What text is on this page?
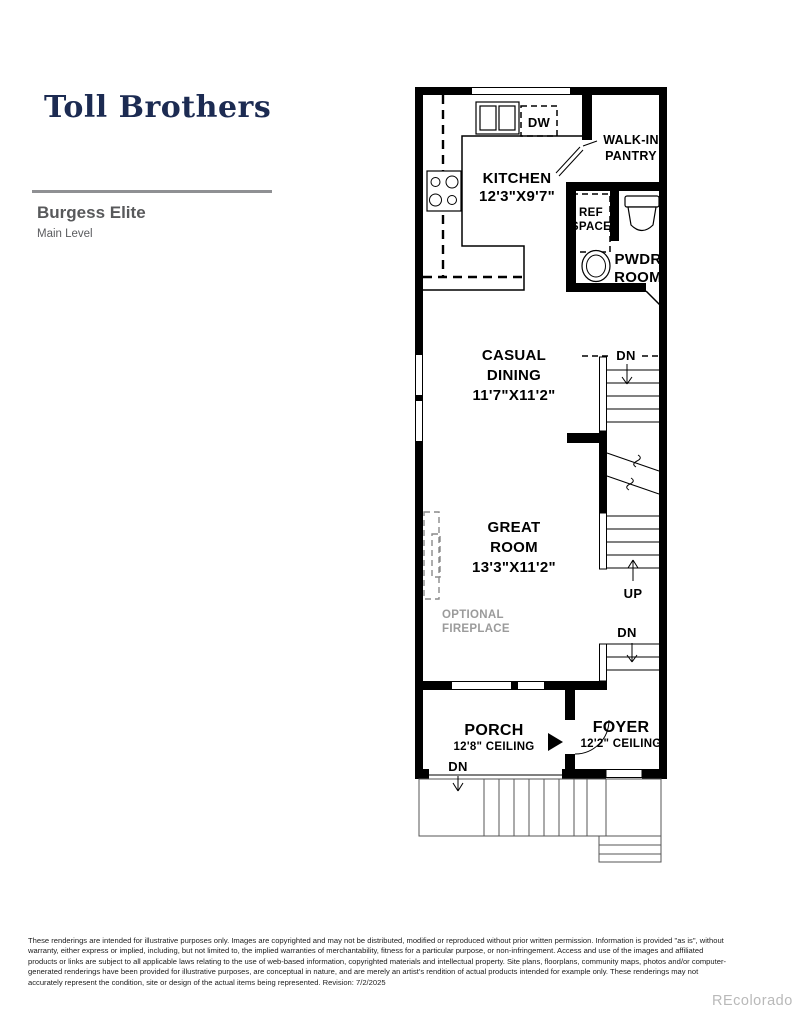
Toll Brothers
Burgess Elite
Main Level
KITCHEN
12'3"X9'7"
DW
WALK-IN
PANTRY
REF
SPACE
PWDR
ROOM
CASUAL
DINING
11'7"X11'2"
GREAT
ROOM
13'3"X11'2"
OPTIONAL
FIREPLACE
PORCH
12'8" CEILING
FOYER
12'2" CEILING
DN
UP
DN
DN
These renderings are intended for illustrative purposes only. Images are copyrighted and may not be distributed, modified or reproduced without prior written permission. Information is provided "as is", without warranty, either express or implied, including, but not limited to, the implied warranties of merchantability, fitness for a particular purpose, or non-infringement. Access and use of the images and affiliated products or links are subject to all applicable laws relating to the use of web-based information, copyrighted materials and intellectual property. Site plans, floorplans, community maps, photos and/or computer-generated renderings have been provided for illustrative purposes, are conceptual in nature, and are merely an artist's rendition of actual products intended for example only. These renderings may not accurately represent the condition, site or design of the actual items being represented. Revision: 7/2/2025
REcolorado
